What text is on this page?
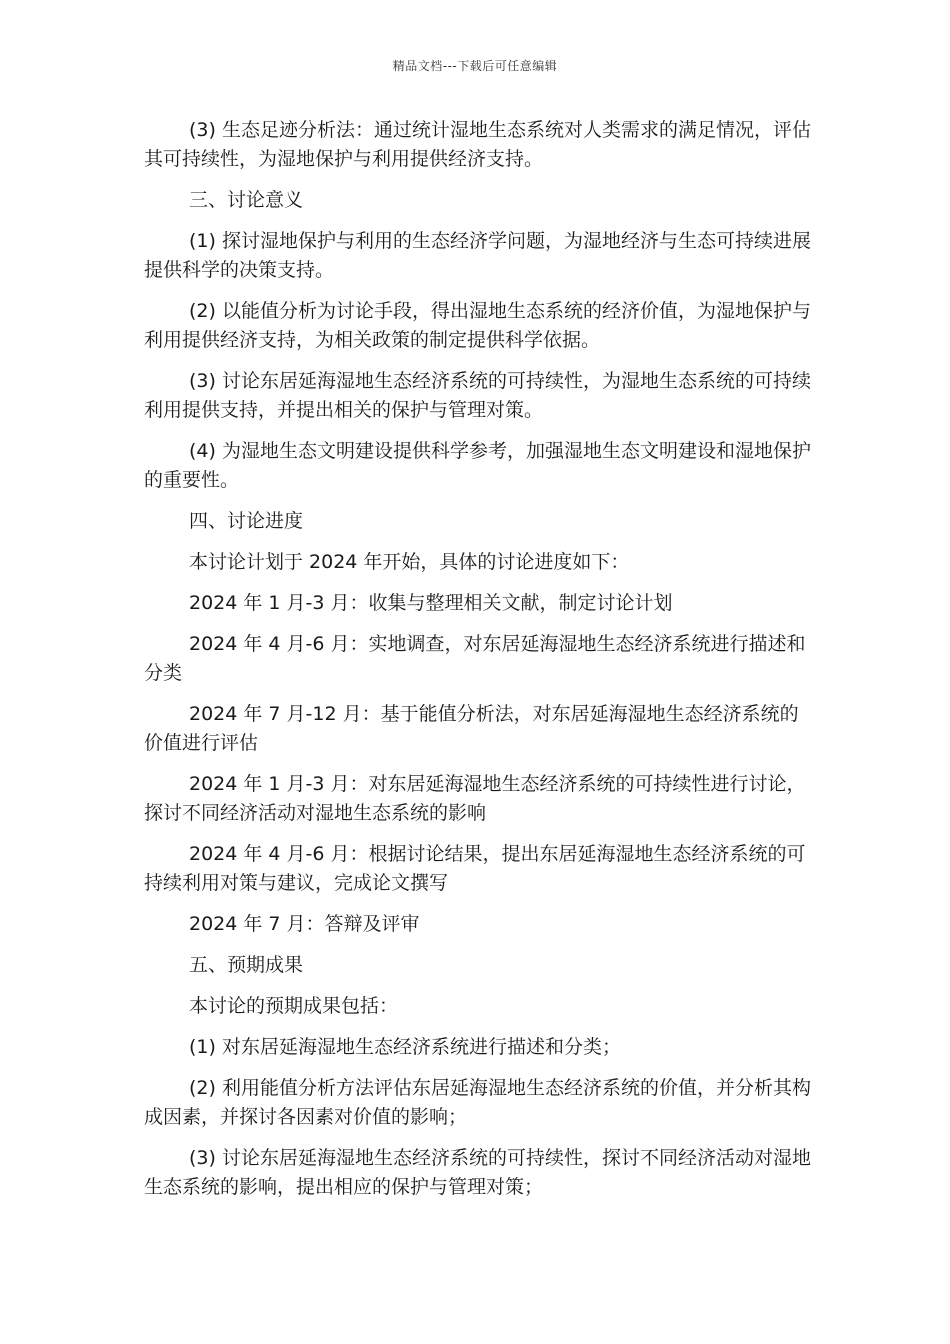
精品文档---下载后可任意编辑

(3) 生态足迹分析法：通过统计湿地生态系统对人类需求的满足情况，评估其可持续性，为湿地保护与利用提供经济支持。

三、讨论意义

(1) 探讨湿地保护与利用的生态经济学问题，为湿地经济与生态可持续进展提供科学的决策支持。

(2) 以能值分析为讨论手段，得出湿地生态系统的经济价值，为湿地保护与利用提供经济支持，为相关政策的制定提供科学依据。

(3) 讨论东居延海湿地生态经济系统的可持续性，为湿地生态系统的可持续利用提供支持，并提出相关的保护与管理对策。

(4) 为湿地生态文明建设提供科学参考，加强湿地生态文明建设和湿地保护的重要性。

四、讨论进度

本讨论计划于 2024 年开始，具体的讨论进度如下：

2024 年 1 月-3 月：收集与整理相关文献，制定讨论计划

2024 年 4 月-6 月：实地调查，对东居延海湿地生态经济系统进行描述和分类

2024 年 7 月-12 月：基于能值分析法，对东居延海湿地生态经济系统的价值进行评估

2024 年 1 月-3 月：对东居延海湿地生态经济系统的可持续性进行讨论，探讨不同经济活动对湿地生态系统的影响

2024 年 4 月-6 月：根据讨论结果，提出东居延海湿地生态经济系统的可持续利用对策与建议，完成论文撰写

2024 年 7 月：答辩及评审

五、预期成果

本讨论的预期成果包括：

(1) 对东居延海湿地生态经济系统进行描述和分类；

(2) 利用能值分析方法评估东居延海湿地生态经济系统的价值，并分析其构成因素，并探讨各因素对价值的影响；

(3) 讨论东居延海湿地生态经济系统的可持续性，探讨不同经济活动对湿地生态系统的影响，提出相应的保护与管理对策；
